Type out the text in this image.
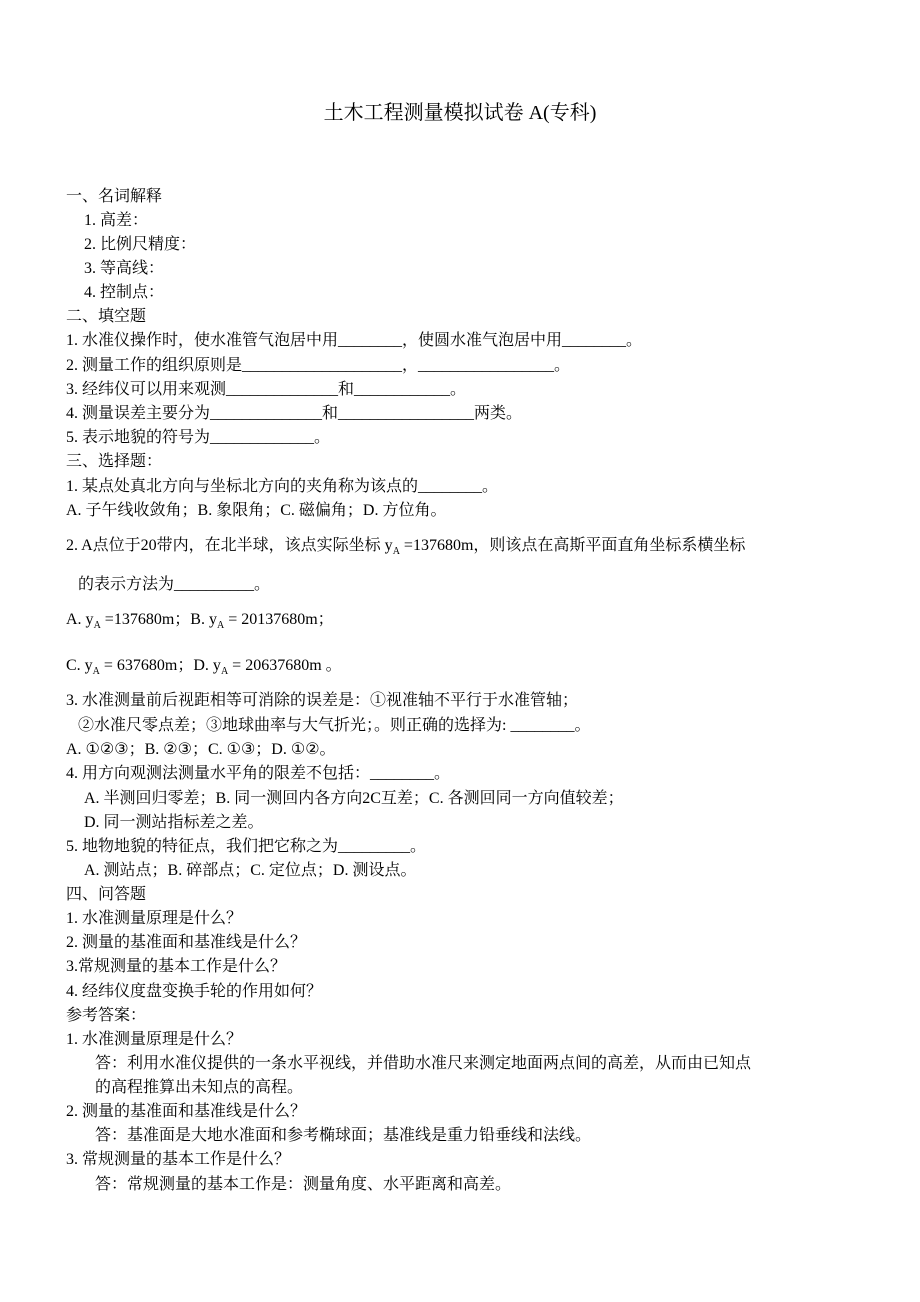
土木工程测量模拟试卷 A(专科)
一、名词解释
1. 高差：
2. 比例尺精度：
3. 等高线：
4. 控制点：
二、填空题
1. 水准仪操作时，使水准管气泡居中用________，使圆水准气泡居中用________。
2. 测量工作的组织原则是____________________，_________________。
3. 经纬仪可以用来观测______________和____________。
4. 测量误差主要分为______________和_________________两类。
5. 表示地貌的符号为_____________。
三、选择题：
1. 某点处真北方向与坐标北方向的夹角称为该点的________。
A. 子午线收敛角；B. 象限角；C. 磁偏角；D. 方位角。
2. A点位于20带内，在北半球，该点实际坐标 $y_A =137680m$，则该点在高斯平面直角坐标系横坐标
的表示方法为__________。
A. $y_A =137680m$；B. $y_A = 20137680m$；
C. $y_A = 637680m$；D. $y_A = 20637680m$ 。
3. 水准测量前后视距相等可消除的误差是：①视准轴不平行于水准管轴；
②水准尺零点差；③地球曲率与大气折光；。则正确的选择为: ________。
A. ①②③；B. ②③；C. ①③；D. ①②。
4. 用方向观测法测量水平角的限差不包括：________。
A. 半测回归零差；B. 同一测回内各方向2C互差；C. 各测回同一方向值较差；
D. 同一测站指标差之差。
5. 地物地貌的特征点，我们把它称之为_________。
A. 测站点；B. 碎部点；C. 定位点；D. 测设点。
四、问答题
1. 水准测量原理是什么？
2. 测量的基准面和基准线是什么？
3.常规测量的基本工作是什么？
4. 经纬仪度盘变换手轮的作用如何？
参考答案：
1. 水准测量原理是什么？
答：利用水准仪提供的一条水平视线，并借助水准尺来测定地面两点间的高差，从而由已知点
的高程推算出未知点的高程。
2. 测量的基准面和基准线是什么？
答：基准面是大地水准面和参考椭球面；基准线是重力铅垂线和法线。
3. 常规测量的基本工作是什么？
答：常规测量的基本工作是：测量角度、水平距离和高差。
